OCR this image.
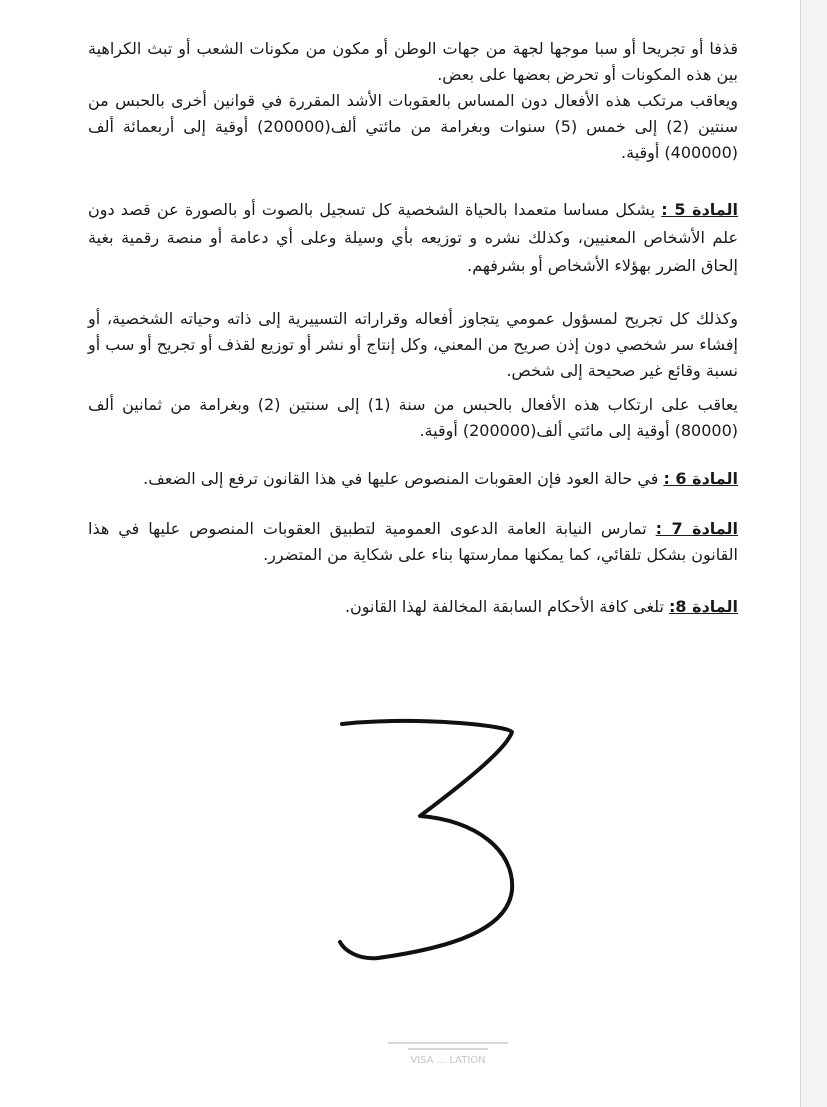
قذفا أو تجريحا أو سبا موجها لجهة من جهات الوطن أو مكون من مكونات الشعب أو تبث الكراهية بين هذه المكونات أو تحرض بعضها على بعض.

ويعاقب مرتكب هذه الأفعال دون المساس بالعقوبات الأشد المقررة في قوانين أخرى بالحبس من سنتين (2) إلى خمس (5) سنوات وبغرامة من مائتي ألف(200000) أوقية إلى أربعمائة ألف (400000) أوقية.

المادة 5 : يشكل مساسا متعمدا بالحياة الشخصية كل تسجيل بالصوت أو بالصورة عن قصد دون علم الأشخاص المعنيين، وكذلك نشره و توزيعه بأي وسيلة وعلى أي دعامة أو منصة رقمية بغية إلحاق الضرر بهؤلاء الأشخاص أو بشرفهم.

وكذلك كل تجريح لمسؤول عمومي يتجاوز أفعاله وقراراته التسييرية إلى ذاته وحياته الشخصية، أو إفشاء سر شخصي دون إذن صريح من المعني، وكل إنتاج أو نشر أو توزيع لقذف أو تجريح أو سب أو نسبة وقائع غير صحيحة إلى شخص.

يعاقب على ارتكاب هذه الأفعال بالحبس من سنة (1) إلى سنتين (2) وبغرامة من ثمانين ألف (80000) أوقية إلى مائتي ألف(200000) أوقية.

المادة 6 : في حالة العود فإن العقوبات المنصوص عليها في هذا القانون ترفع إلى الضعف.

المادة 7 : تمارس النيابة العامة الدعوى العمومية لتطبيق العقوبات المنصوص عليها في هذا القانون بشكل تلقائي، كما يمكنها ممارستها بناء على شكاية من المتضرر.

المادة 8: تلغى كافة الأحكام السابقة المخالفة لهذا القانون.

VISA ... LATION
